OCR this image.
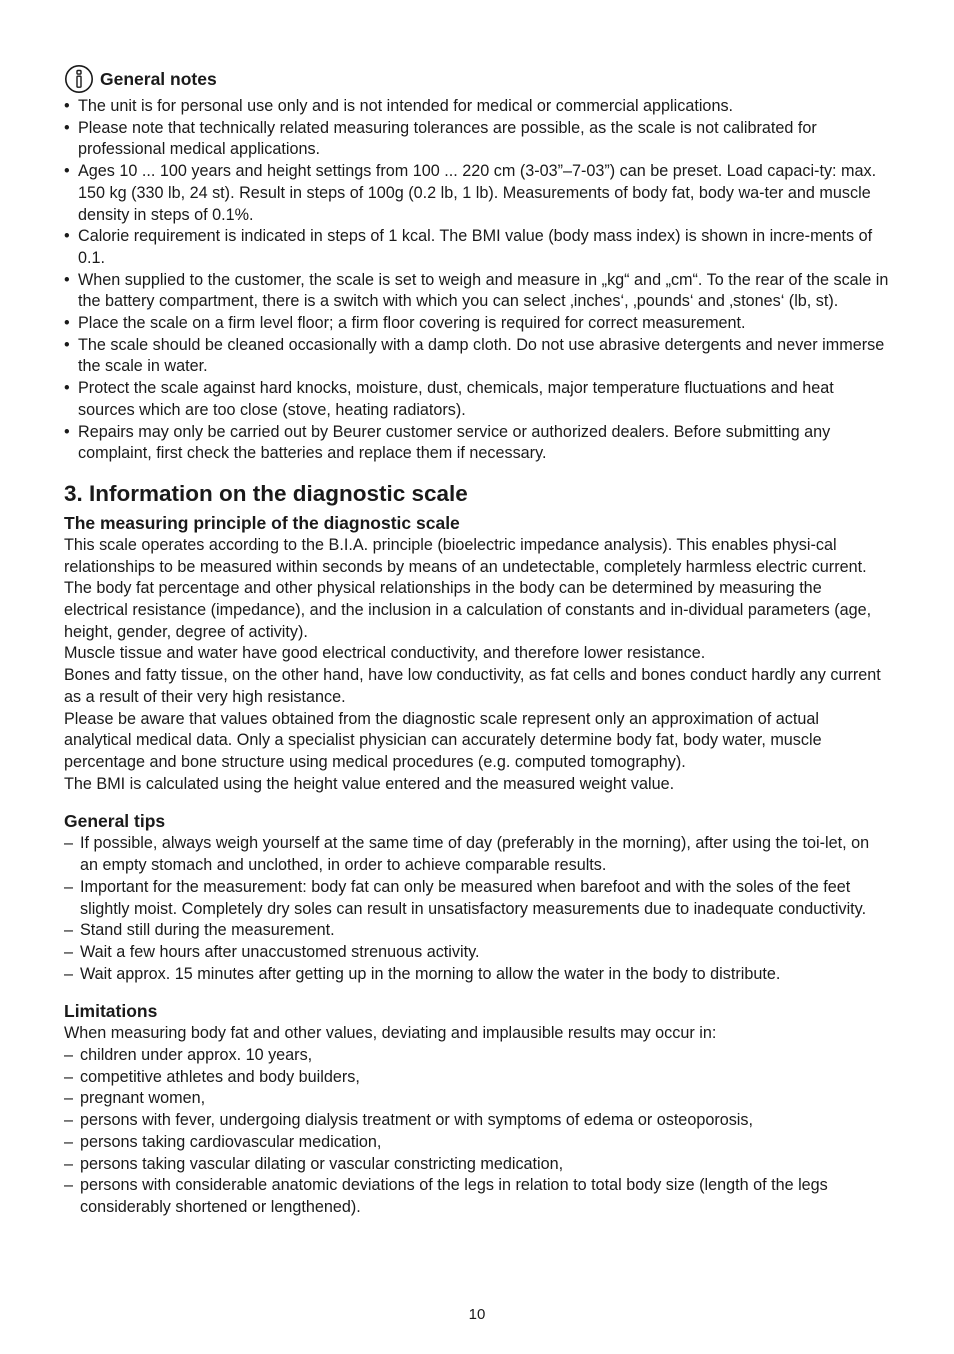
General notes
• The unit is for personal use only and is not intended for medical or commercial applications.
• Please note that technically related measuring tolerances are possible, as the scale is not calibrated for professional medical applications.
• Ages 10 ... 100 years and height settings from 100 ... 220 cm (3-03”–7-03”) can be preset. Load capaci-ty: max. 150 kg (330 lb, 24 st). Result in steps of 100g (0.2 lb, 1 lb). Measurements of body fat, body wa-ter and muscle density in steps of 0.1%.
• Calorie requirement is indicated in steps of 1 kcal. The BMI value (body mass index) is shown in incre-ments of 0.1.
• When supplied to the customer, the scale is set to weigh and measure in „kg“ and „cm“. To the rear of the scale in the battery compartment, there is a switch with which you can select ‚inches‘, ‚pounds‘ and ‚stones‘ (lb, st).
• Place the scale on a firm level floor; a firm floor covering is required for correct measurement.
• The scale should be cleaned occasionally with a damp cloth. Do not use abrasive detergents and never immerse the scale in water.
• Protect the scale against hard knocks, moisture, dust, chemicals, major temperature fluctuations and heat sources which are too close (stove, heating radiators).
• Repairs may only be carried out by Beurer customer service or authorized dealers. Before submitting any complaint, first check the batteries and replace them if necessary.
3. Information on the diagnostic scale
The measuring principle of the diagnostic scale

This scale operates according to the B.I.A. principle (bioelectric impedance analysis). This enables physi-cal relationships to be measured within seconds by means of an undetectable, completely harmless electric current. The body fat percentage and other physical relationships in the body can be determined by measuring the electrical resistance (impedance), and the inclusion in a calculation of constants and in-dividual parameters (age, height, gender, degree of activity).

Muscle tissue and water have good electrical conductivity, and therefore lower resistance.

Bones and fatty tissue, on the other hand, have low conductivity, as fat cells and bones conduct hardly any current as a result of their very high resistance.

Please be aware that values obtained from the diagnostic scale represent only an approximation of actual analytical medical data. Only a specialist physician can accurately determine body fat, body water, muscle percentage and bone structure using medical procedures (e.g. computed tomography).

The BMI is calculated using the height value entered and the measured weight value.

General tips
– If possible, always weigh yourself at the same time of day (preferably in the morning), after using the toi-let, on an empty stomach and unclothed, in order to achieve comparable results.
– Important for the measurement: body fat can only be measured when barefoot and with the soles of the feet slightly moist. Completely dry soles can result in unsatisfactory measurements due to inadequate conductivity.
– Stand still during the measurement.
– Wait a few hours after unaccustomed strenuous activity.
– Wait approx. 15 minutes after getting up in the morning to allow the water in the body to distribute.
Limitations

When measuring body fat and other values, deviating and implausible results may occur in:

– children under approx. 10 years,
– competitive athletes and body builders,
– pregnant women,
– persons with fever, undergoing dialysis treatment or with symptoms of edema or osteoporosis,
– persons taking cardiovascular medication,
– persons taking vascular dilating or vascular constricting medication,
– persons with considerable anatomic deviations of the legs in relation to total body size (length of the legs considerably shortened or lengthened).
10
